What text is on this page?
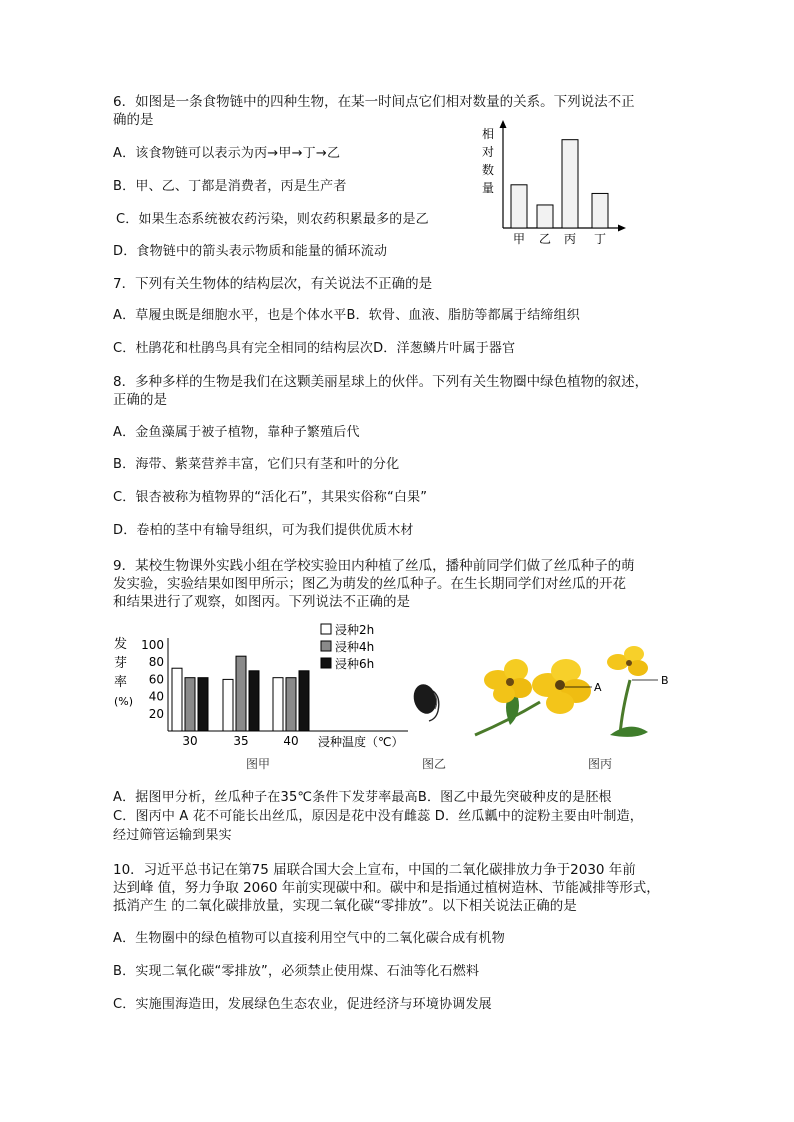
6．如图是一条食物链中的四种生物，在某一时间点它们相对数量的关系。下列说法不正
确的是
A．该食物链可以表示为丙→甲→丁→乙
B．甲、乙、丁都是消费者，丙是生产者
C．如果生态系统被农药污染，则农药积累最多的是乙
D．食物链中的箭头表示物质和能量的循环流动
相
对
数
量
甲 乙 丙 丁
7．下列有关生物体的结构层次，有关说法不正确的是
A．草履虫既是细胞水平，也是个体水平B．软骨、血液、脂肪等都属于结缔组织
C．杜鹃花和杜鹃鸟具有完全相同的结构层次D．洋葱鳞片叶属于器官
8．多种多样的生物是我们在这颗美丽星球上的伙伴。下列有关生物圈中绿色植物的叙述，
正确的是
A．金鱼藻属于被子植物，靠种子繁殖后代
B．海带、紫菜营养丰富，它们只有茎和叶的分化
C．银杏被称为植物界的“活化石”，其果实俗称“白果”
D．卷柏的茎中有输导组织，可为我们提供优质木材
9．某校生物课外实践小组在学校实验田内种植了丝瓜，播种前同学们做了丝瓜种子的萌
发实验，实验结果如图甲所示；图乙为萌发的丝瓜种子。在生长期同学们对丝瓜的开花
和结果进行了观察，如图丙。下列说法不正确的是
发
芽
率
(%)
100
80
60
40
20
30	35	40 浸种温度（℃）
浸种2h
浸种4h
浸种6h
图甲	图乙
A
B
图丙
A．据图甲分析，丝瓜种子在35℃条件下发芽率最高B．图乙中最先突破种皮的是胚根
C．图丙中 A 花不可能长出丝瓜，原因是花中没有雌蕊 D．丝瓜瓤中的淀粉主要由叶制造，
经过筛管运输到果实
10．习近平总书记在第75 届联合国大会上宣布，中国的二氧化碳排放力争于2030 年前
达到峰 值，努力争取 2060 年前实现碳中和。碳中和是指通过植树造林、节能减排等形式，
抵消产生 的二氧化碳排放量，实现二氧化碳“零排放”。以下相关说法正确的是
A．生物圈中的绿色植物可以直接利用空气中的二氧化碳合成有机物
B．实现二氧化碳“零排放”，必须禁止使用煤、石油等化石燃料
C．实施围海造田，发展绿色生态农业，促进经济与环境协调发展
